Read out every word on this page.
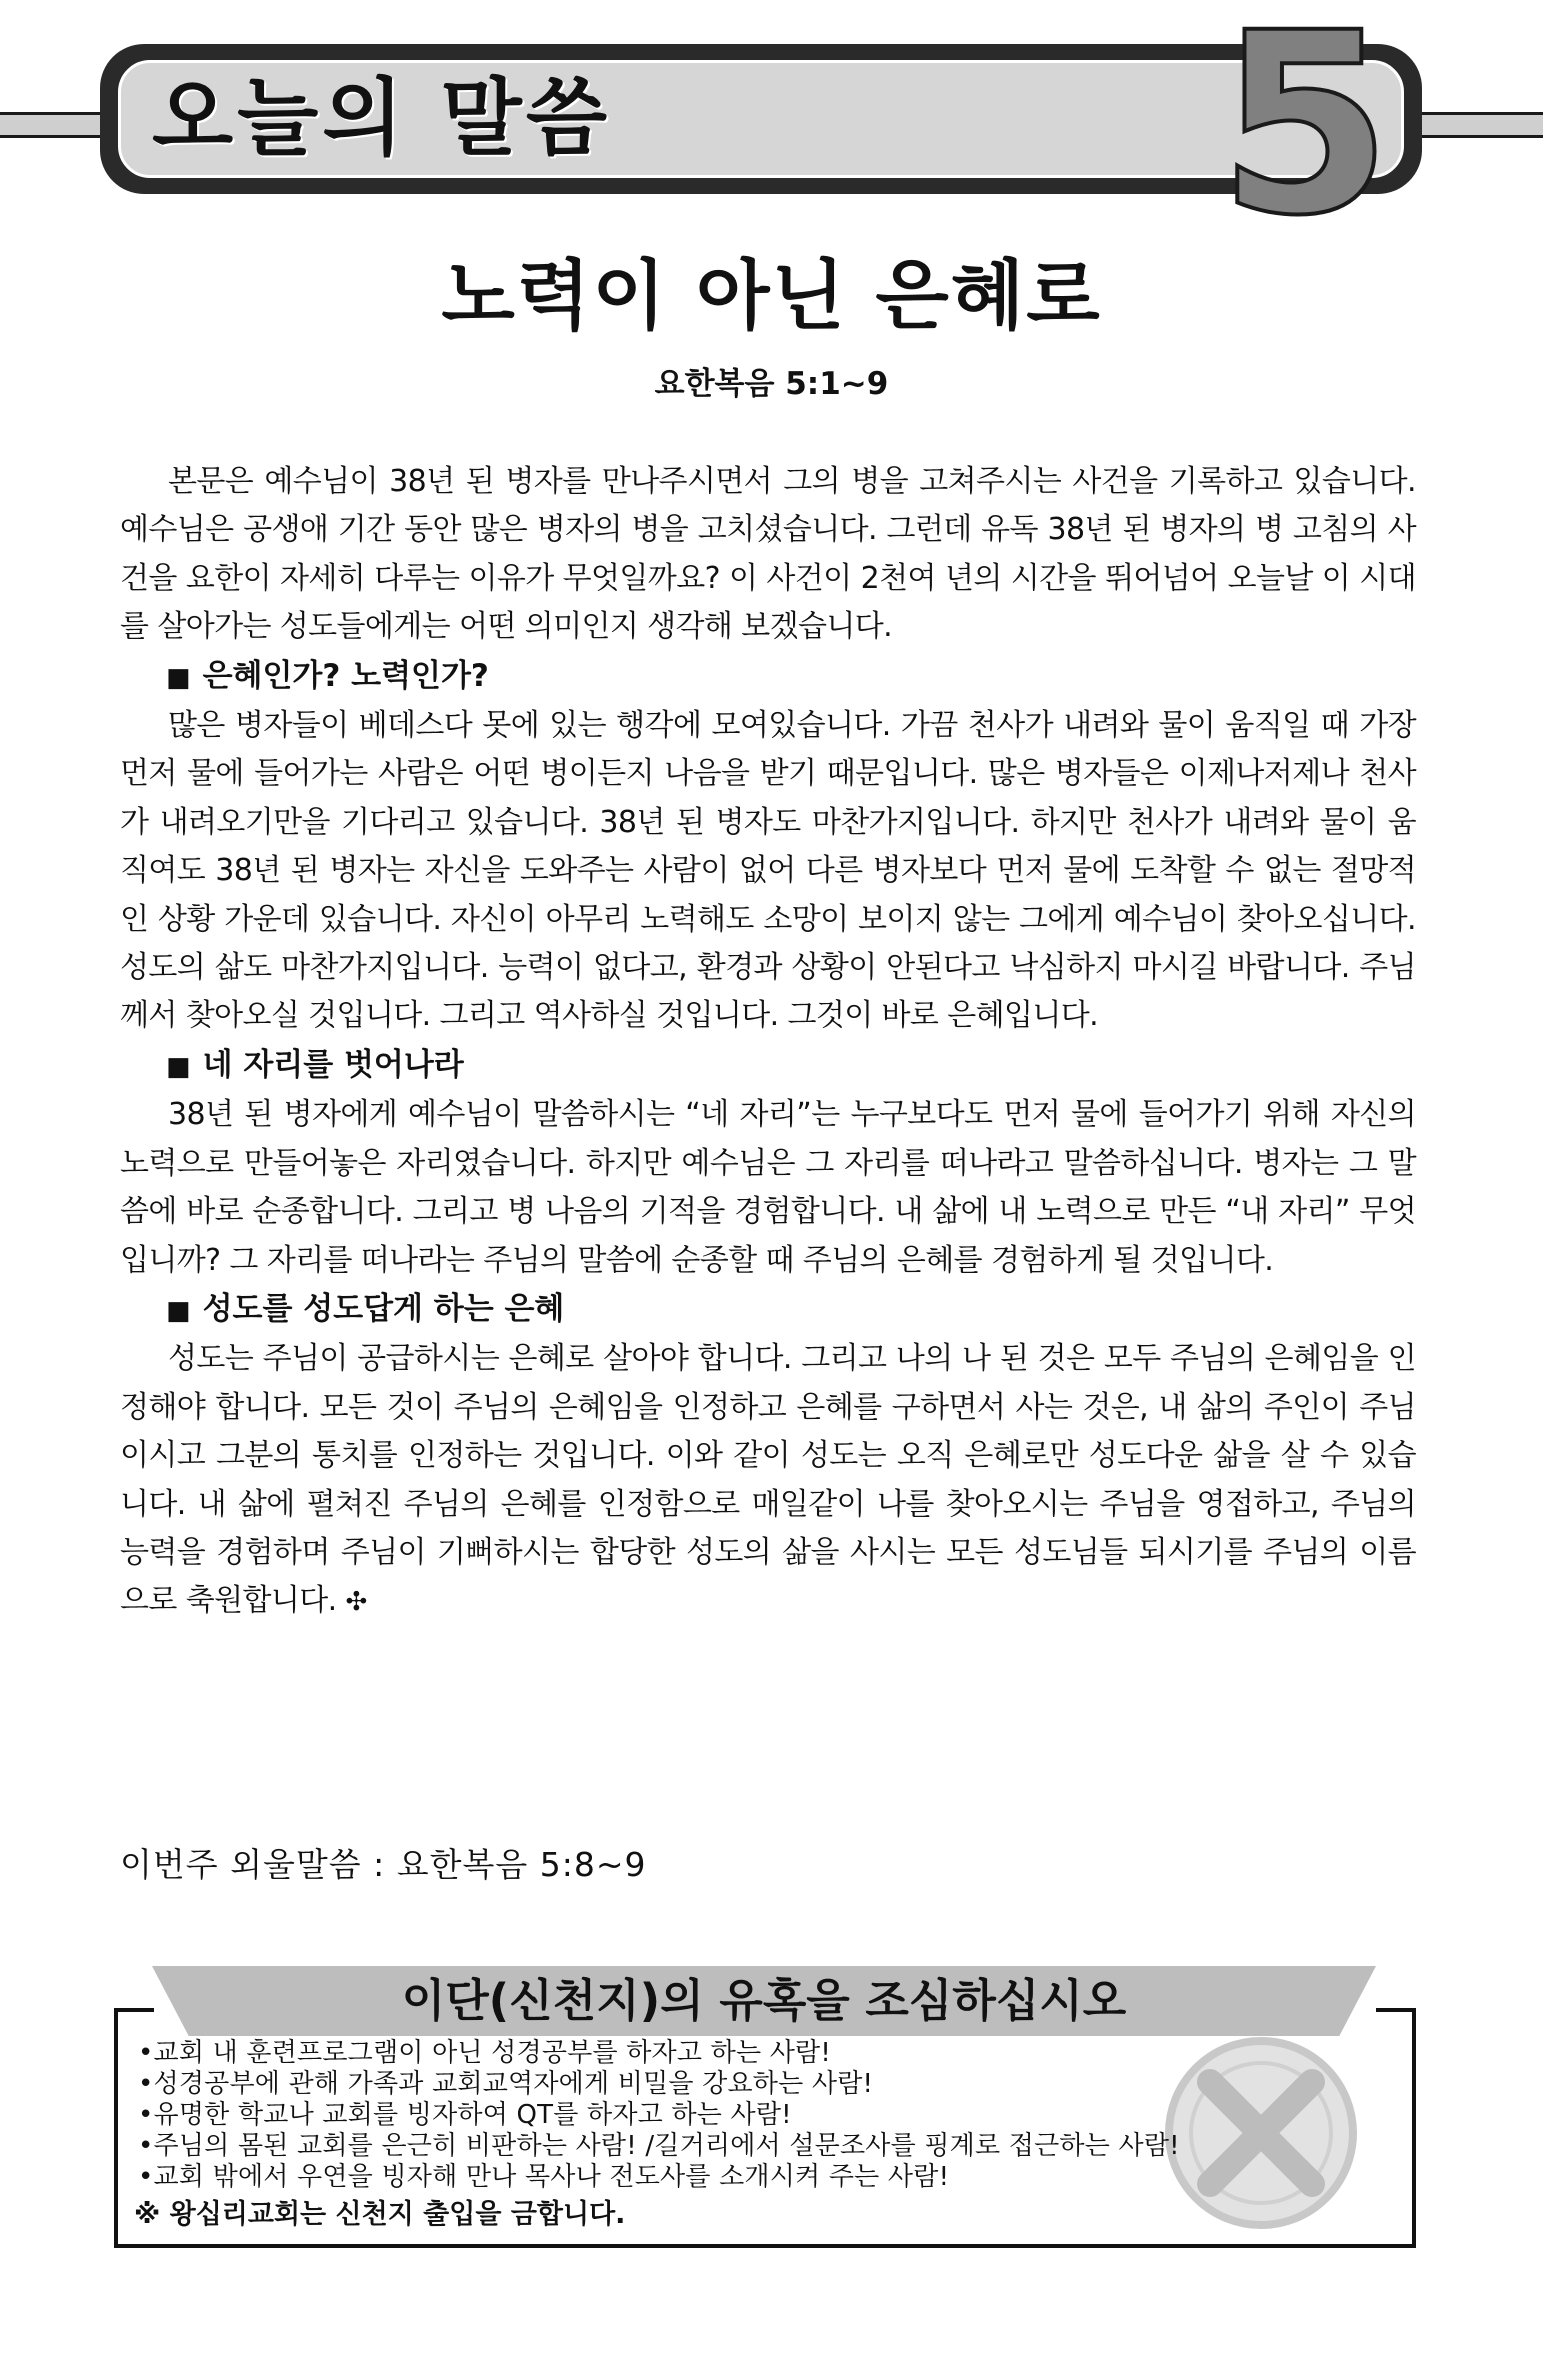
오늘의 말씀 5
노력이 아닌 은혜로
요한복음 5:1~9

본문은 예수님이 38년 된 병자를 만나주시면서 그의 병을 고쳐주시는 사건을 기록하고 있습니다. 예수님은 공생애 기간 동안 많은 병자의 병을 고치셨습니다. 그런데 유독 38년 된 병자의 병 고침의 사건을 요한이 자세히 다루는 이유가 무엇일까요? 이 사건이 2천여 년의 시간을 뛰어넘어 오늘날 이 시대를 살아가는 성도들에게는 어떤 의미인지 생각해 보겠습니다.

■ 은혜인가? 노력인가?

많은 병자들이 베데스다 못에 있는 행각에 모여있습니다. 가끔 천사가 내려와 물이 움직일 때 가장 먼저 물에 들어가는 사람은 어떤 병이든지 나음을 받기 때문입니다. 많은 병자들은 이제나저제나 천사가 내려오기만을 기다리고 있습니다. 38년 된 병자도 마찬가지입니다. 하지만 천사가 내려와 물이 움직여도 38년 된 병자는 자신을 도와주는 사람이 없어 다른 병자보다 먼저 물에 도착할 수 없는 절망적인 상황 가운데 있습니다. 자신이 아무리 노력해도 소망이 보이지 않는 그에게 예수님이 찾아오십니다. 성도의 삶도 마찬가지입니다. 능력이 없다고, 환경과 상황이 안된다고 낙심하지 마시길 바랍니다. 주님께서 찾아오실 것입니다. 그리고 역사하실 것입니다. 그것이 바로 은혜입니다.

■ 네 자리를 벗어나라

38년 된 병자에게 예수님이 말씀하시는 “네 자리”는 누구보다도 먼저 물에 들어가기 위해 자신의 노력으로 만들어놓은 자리였습니다. 하지만 예수님은 그 자리를 떠나라고 말씀하십니다. 병자는 그 말씀에 바로 순종합니다. 그리고 병 나음의 기적을 경험합니다. 내 삶에 내 노력으로 만든 “내 자리” 무엇입니까? 그 자리를 떠나라는 주님의 말씀에 순종할 때 주님의 은혜를 경험하게 될 것입니다.

■ 성도를 성도답게 하는 은혜

성도는 주님이 공급하시는 은혜로 살아야 합니다. 그리고 나의 나 된 것은 모두 주님의 은혜임을 인정해야 합니다. 모든 것이 주님의 은혜임을 인정하고 은혜를 구하면서 사는 것은, 내 삶의 주인이 주님이시고 그분의 통치를 인정하는 것입니다. 이와 같이 성도는 오직 은혜로만 성도다운 삶을 살 수 있습니다. 내 삶에 펼쳐진 주님의 은혜를 인정함으로 매일같이 나를 찾아오시는 주님을 영접하고, 주님의 능력을 경험하며 주님이 기뻐하시는 합당한 성도의 삶을 사시는 모든 성도님들 되시기를 주님의 이름으로 축원합니다. ✣

이번주 외울말씀 : 요한복음 5:8~9
이단(신천지)의 유혹을 조심하십시오
•교회 내 훈련프로그램이 아닌 성경공부를 하자고 하는 사람!
•성경공부에 관해 가족과 교회교역자에게 비밀을 강요하는 사람!
•유명한 학교나 교회를 빙자하여 QT를 하자고 하는 사람!
•주님의 몸된 교회를 은근히 비판하는 사람! /길거리에서 설문조사를 핑계로 접근하는 사람!
•교회 밖에서 우연을 빙자해 만나 목사나 전도사를 소개시켜 주는 사람!
※ 왕십리교회는 신천지 출입을 금합니다.
